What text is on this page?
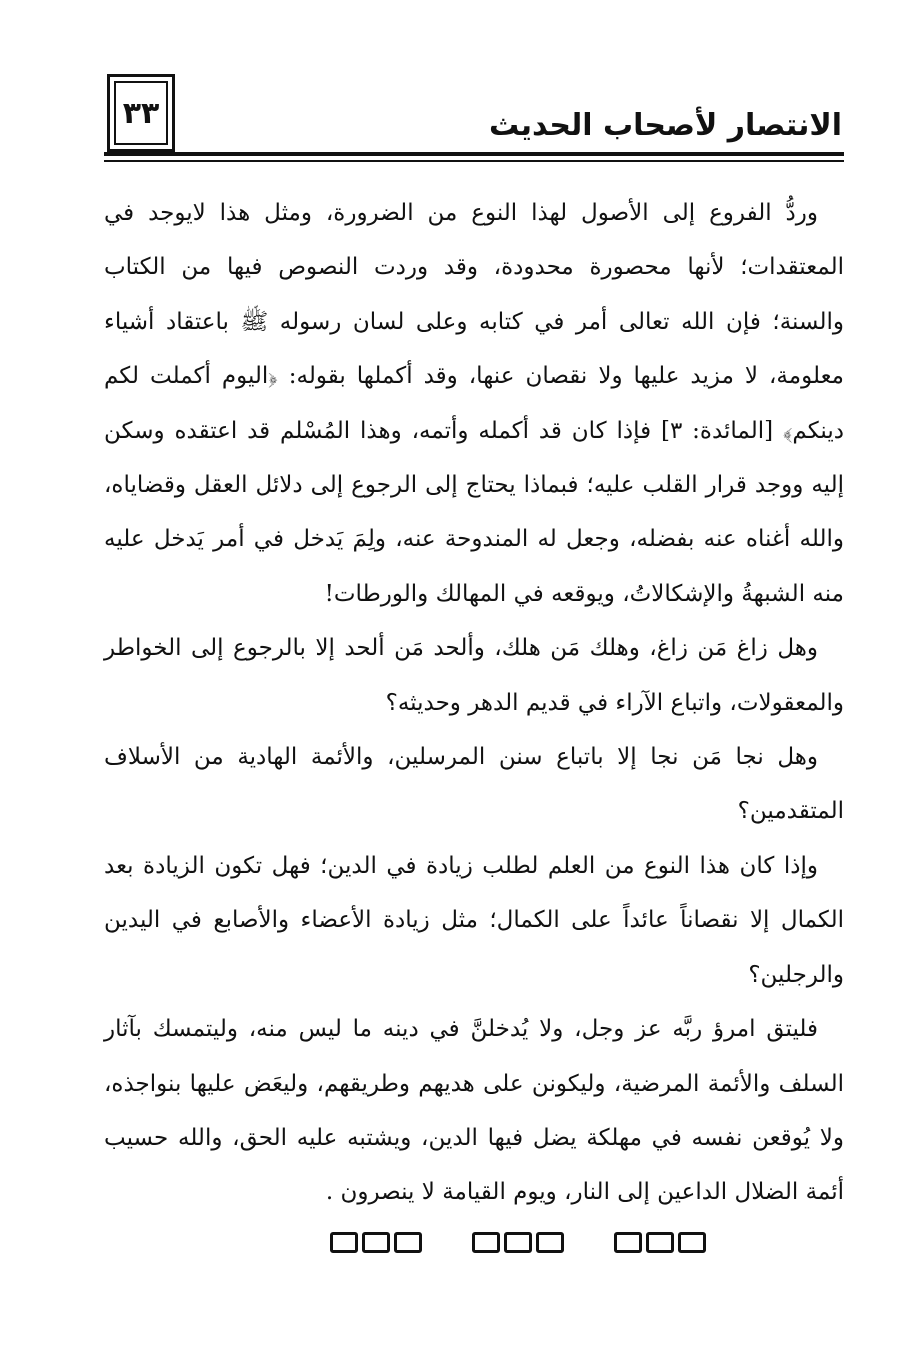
٣٣	الانتصار لأصحاب الحديث

وردُّ الفروع إلى الأصول لهذا النوع من الضرورة، ومثل هذا لايوجد في المعتقدات؛ لأنها محصورة محدودة، وقد وردت النصوص فيها من الكتاب والسنة؛ فإن الله تعالى أمر في كتابه وعلى لسان رسوله ﷺ باعتقاد أشياء معلومة، لا مزيد عليها ولا نقصان عنها، وقد أكملها بقوله: ﴿اليوم أكملت لكم دينكم﴾ [المائدة: ٣] فإذا كان قد أكمله وأتمه، وهذا المُسْلم قد اعتقده وسكن إليه ووجد قرار القلب عليه؛ فبماذا يحتاج إلى الرجوع إلى دلائل العقل وقضاياه، والله أغناه عنه بفضله، وجعل له المندوحة عنه، ولِمَ يَدخل في أمر يَدخل عليه منه الشبهةُ والإشكالاتُ، ويوقعه في المهالك والورطات!

وهل زاغ مَن زاغ، وهلك مَن هلك، وألحد مَن ألحد إلا بالرجوع إلى الخواطر والمعقولات، واتباع الآراء في قديم الدهر وحديثه؟

وهل نجا مَن نجا إلا باتباع سنن المرسلين، والأئمة الهادية من الأسلاف المتقدمين؟

وإذا كان هذا النوع من العلم لطلب زيادة في الدين؛ فهل تكون الزيادة بعد الكمال إلا نقصاناً عائداً على الكمال؛ مثل زيادة الأعضاء والأصابع في اليدين والرجلين؟

فليتق امرؤ ربَّه عز وجل، ولا يُدخلنَّ في دينه ما ليس منه، وليتمسك بآثار السلف والأئمة المرضية، وليكونن على هديهم وطريقهم، وليعَض عليها بنواجذه، ولا يُوقعن نفسه في مهلكة يضل فيها الدين، ويشتبه عليه الحق، والله حسيب أئمة الضلال الداعين إلى النار، ويوم القيامة لا ينصرون .
